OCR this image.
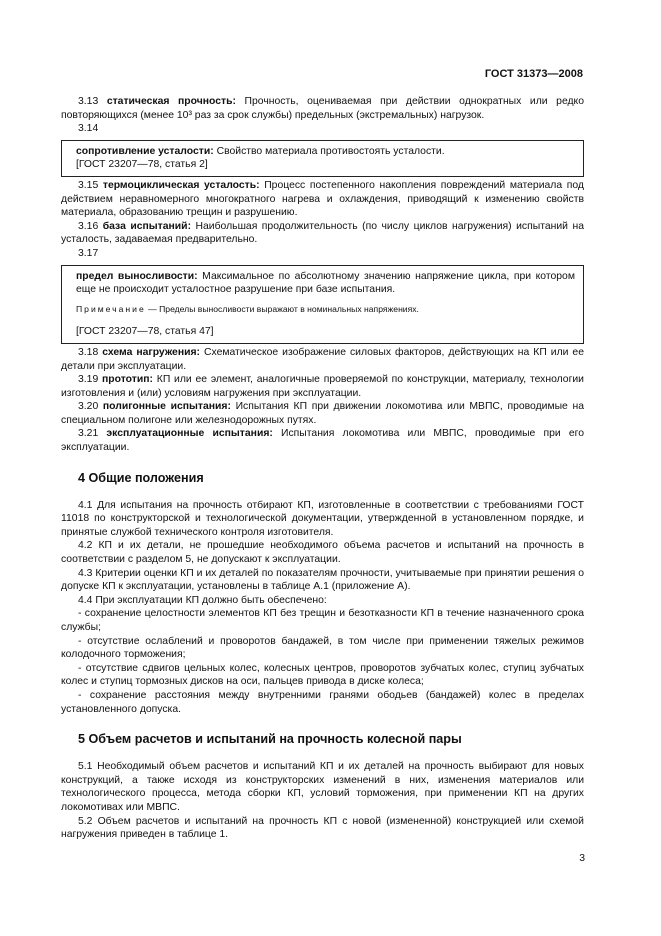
ГОСТ 31373—2008

3.13 статическая прочность: Прочность, оцениваемая при действии однократных или редко повторяющихся (менее 10³ раз за срок службы) предельных (экстремальных) нагрузок.

3.14

сопротивление усталости: Свойство материала противостоять усталости.

[ГОСТ 23207—78, статья 2]

3.15 термоциклическая усталость: Процесс постепенного накопления повреждений материала под действием неравномерного многократного нагрева и охлаждения, приводящий к изменению свойств материала, образованию трещин и разрушению.

3.16 база испытаний: Наибольшая продолжительность (по числу циклов нагружения) испытаний на усталость, задаваемая предварительно.

3.17

предел выносливости: Максимальное по абсолютному значению напряжение цикла, при котором еще не происходит усталостное разрушение при базе испытания.

Примечание — Пределы выносливости выражают в номинальных напряжениях.

[ГОСТ 23207—78, статья 47]

3.18 схема нагружения: Схематическое изображение силовых факторов, действующих на КП или ее детали при эксплуатации.

3.19 прототип: КП или ее элемент, аналогичные проверяемой по конструкции, материалу, технологии изготовления и (или) условиям нагружения при эксплуатации.

3.20 полигонные испытания: Испытания КП при движении локомотива или МВПС, проводимые на специальном полигоне или железнодорожных путях.

3.21 эксплуатационные испытания: Испытания локомотива или МВПС, проводимые при его эксплуатации.

4 Общие положения

4.1 Для испытания на прочность отбирают КП, изготовленные в соответствии с требованиями ГОСТ 11018 по конструкторской и технологической документации, утвержденной в установленном порядке, и принятые службой технического контроля изготовителя.

4.2 КП и их детали, не прошедшие необходимого объема расчетов и испытаний на прочность в соответствии с разделом 5, не допускают к эксплуатации.

4.3 Критерии оценки КП и их деталей по показателям прочности, учитываемые при принятии решения о допуске КП к эксплуатации, установлены в таблице А.1 (приложение А).

4.4 При эксплуатации КП должно быть обеспечено:

- сохранение целостности элементов КП без трещин и безотказности КП в течение назначенного срока службы;

- отсутствие ослаблений и проворотов бандажей, в том числе при применении тяжелых режимов колодочного торможения;

- отсутствие сдвигов цельных колес, колесных центров, проворотов зубчатых колес, ступиц зубчатых колес и ступиц тормозных дисков на оси, пальцев привода в диске колеса;

- сохранение расстояния между внутренними гранями ободьев (бандажей) колес в пределах установленного допуска.

5 Объем расчетов и испытаний на прочность колесной пары

5.1 Необходимый объем расчетов и испытаний КП и их деталей на прочность выбирают для новых конструкций, а также исходя из конструкторских изменений в них, изменения материалов или технологического процесса, метода сборки КП, условий торможения, при применении КП на других локомотивах или МВПС.

5.2 Объем расчетов и испытаний на прочность КП с новой (измененной) конструкцией или схемой нагружения приведен в таблице 1.

3
